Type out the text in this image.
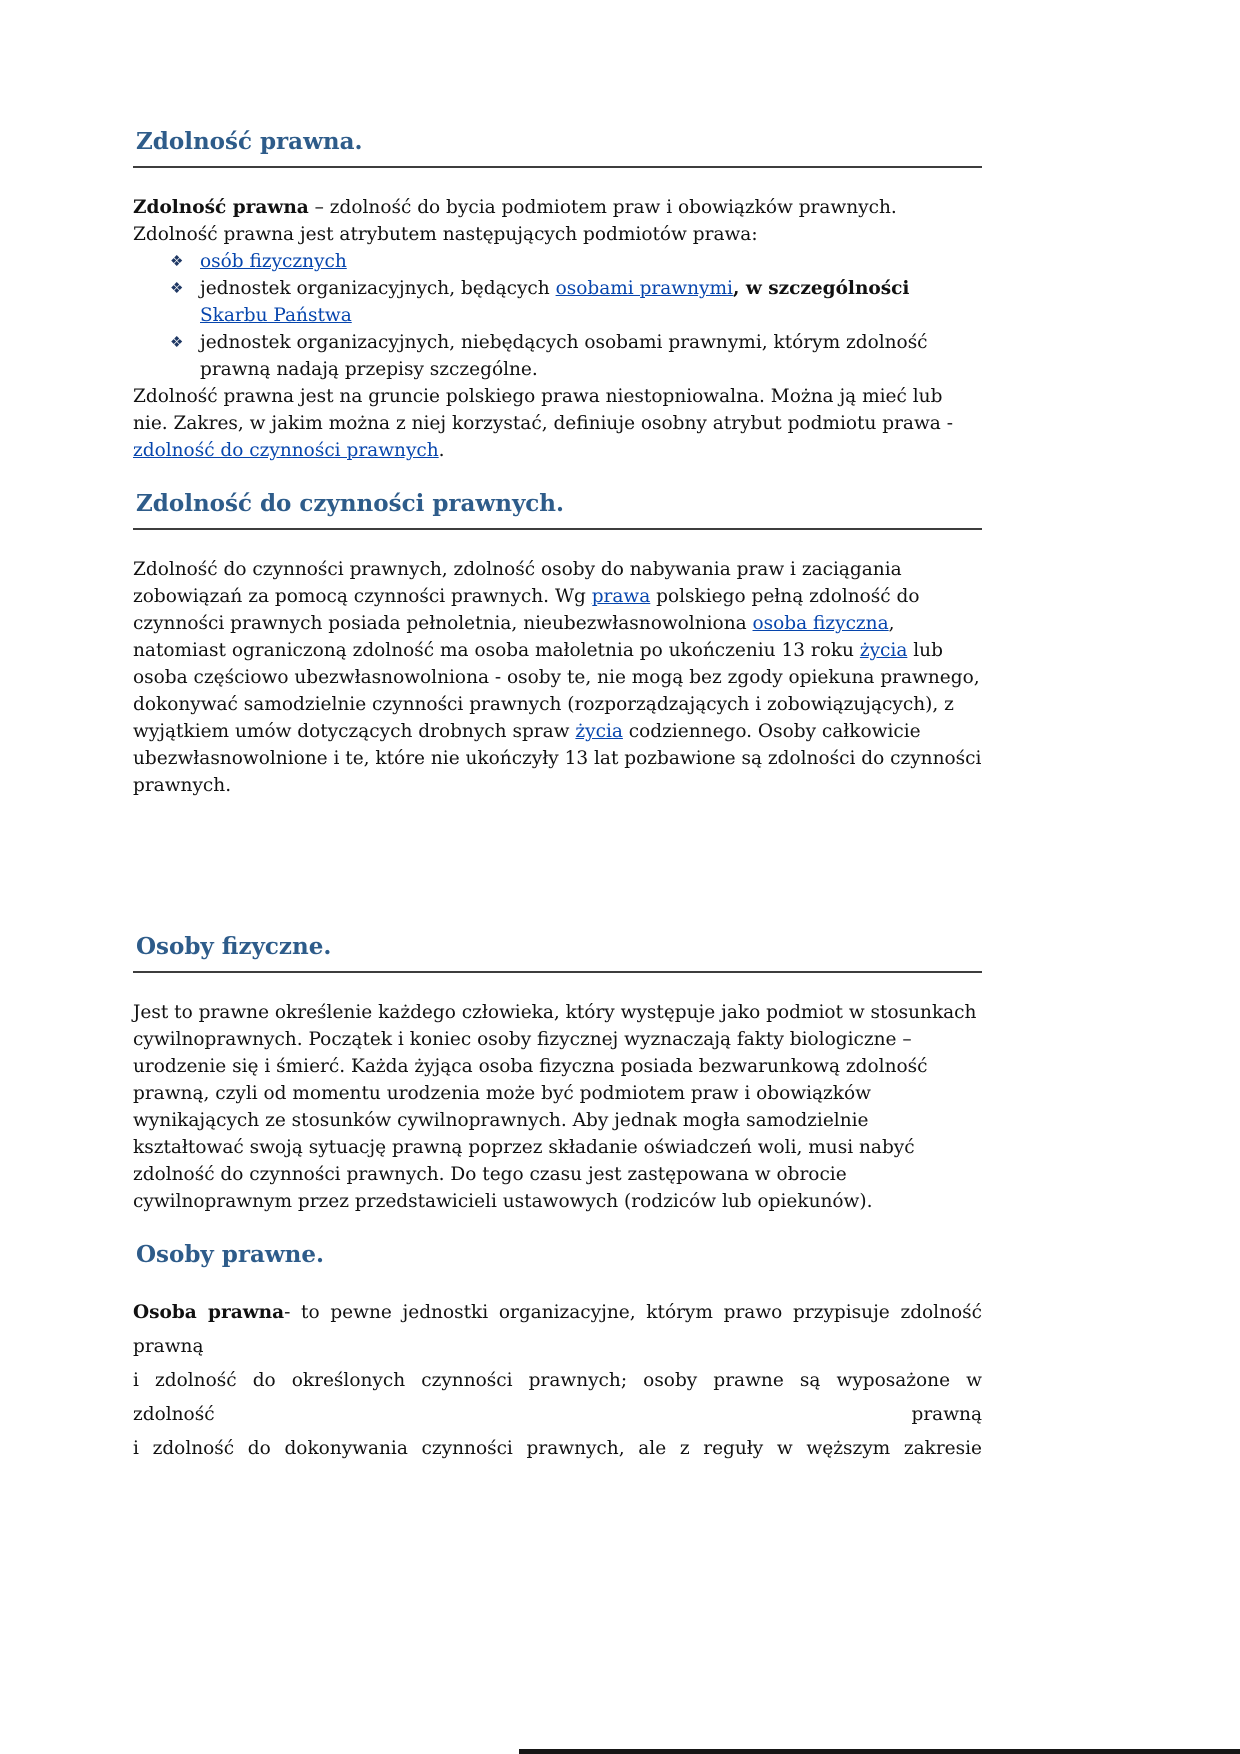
Zdolność prawna.

Zdolność prawna – zdolność do bycia podmiotem praw i obowiązków prawnych. Zdolność prawna jest atrybutem następujących podmiotów prawa:

❖ osób fizycznych
❖ jednostek organizacyjnych, będących osobami prawnymi, w szczególności Skarbu Państwa
❖ jednostek organizacyjnych, niebędących osobami prawnymi, którym zdolność prawną nadają przepisy szczególne.

Zdolność prawna jest na gruncie polskiego prawa niestopniowalna. Można ją mieć lub nie. Zakres, w jakim można z niej korzystać, definiuje osobny atrybut podmiotu prawa - zdolność do czynności prawnych.

Zdolność do czynności prawnych.

Zdolność do czynności prawnych, zdolność osoby do nabywania praw i zaciągania zobowiązań za pomocą czynności prawnych. Wg prawa polskiego pełną zdolność do czynności prawnych posiada pełnoletnia, nieubezwłasnowolniona osoba fizyczna, natomiast ograniczoną zdolność ma osoba małoletnia po ukończeniu 13 roku życia lub osoba częściowo ubezwłasnowolniona - osoby te, nie mogą bez zgody opiekuna prawnego, dokonywać samodzielnie czynności prawnych (rozporządzających i zobowiązujących), z wyjątkiem umów dotyczących drobnych spraw życia codziennego. Osoby całkowicie ubezwłasnowolnione i te, które nie ukończyły 13 lat pozbawione są zdolności do czynności prawnych.

Osoby fizyczne.

Jest to prawne określenie każdego człowieka, który występuje jako podmiot w stosunkach cywilnoprawnych. Początek i koniec osoby fizycznej wyznaczają fakty biologiczne – urodzenie się i śmierć. Każda żyjąca osoba fizyczna posiada bezwarunkową zdolność prawną, czyli od momentu urodzenia może być podmiotem praw i obowiązków wynikających ze stosunków cywilnoprawnych. Aby jednak mogła samodzielnie kształtować swoją sytuację prawną poprzez składanie oświadczeń woli, musi nabyć zdolność do czynności prawnych. Do tego czasu jest zastępowana w obrocie cywilnoprawnym przez przedstawicieli ustawowych (rodziców lub opiekunów).

Osoby prawne.
Osoba prawna- to pewne jednostki organizacyjne, którym prawo przypisuje zdolność
prawną
i zdolność do określonych czynności prawnych; osoby prawne są wyposażone w
zdolność prawną
i zdolność do dokonywania czynności prawnych, ale z reguły w węższym zakresie
